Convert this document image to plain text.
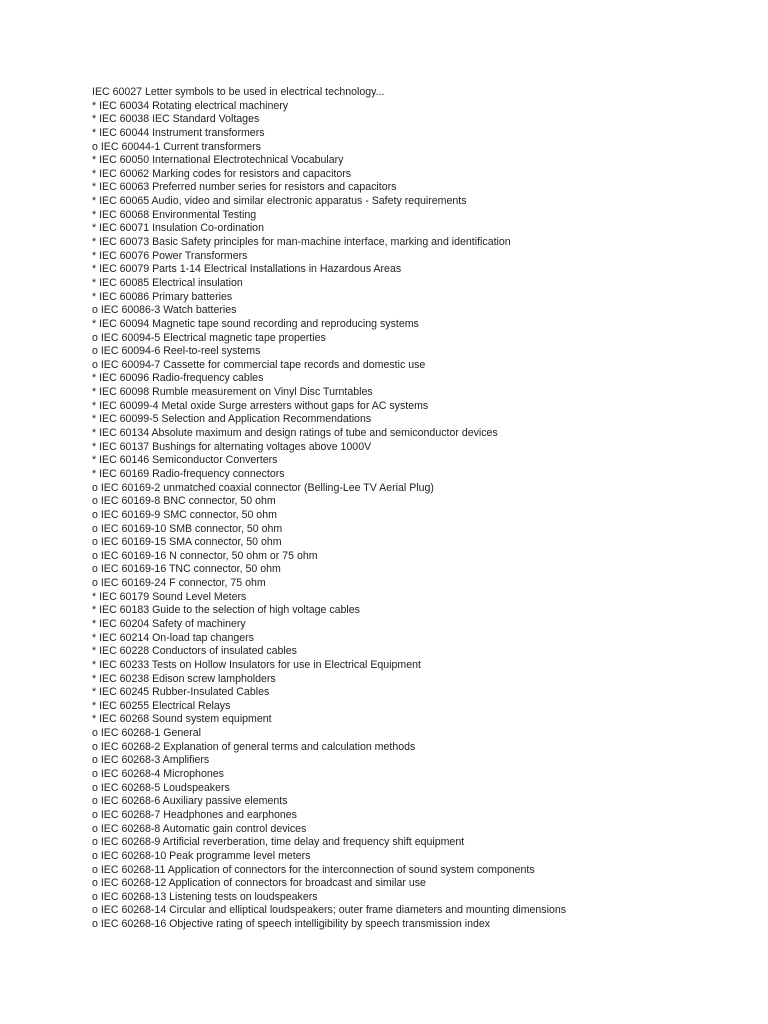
IEC 60027 Letter symbols to be used in electrical technology...
* IEC 60034 Rotating electrical machinery
* IEC 60038 IEC Standard Voltages
* IEC 60044 Instrument transformers
o IEC 60044-1 Current transformers
* IEC 60050 International Electrotechnical Vocabulary
* IEC 60062 Marking codes for resistors and capacitors
* IEC 60063 Preferred number series for resistors and capacitors
* IEC 60065 Audio, video and similar electronic apparatus - Safety requirements
* IEC 60068 Environmental Testing
* IEC 60071 Insulation Co-ordination
* IEC 60073 Basic Safety principles for man-machine interface, marking and identification
* IEC 60076 Power Transformers
* IEC 60079 Parts 1-14 Electrical Installations in Hazardous Areas
* IEC 60085 Electrical insulation
* IEC 60086 Primary batteries
o IEC 60086-3 Watch batteries
* IEC 60094 Magnetic tape sound recording and reproducing systems
o IEC 60094-5 Electrical magnetic tape properties
o IEC 60094-6 Reel-to-reel systems
o IEC 60094-7 Cassette for commercial tape records and domestic use
* IEC 60096 Radio-frequency cables
* IEC 60098 Rumble measurement on Vinyl Disc Turntables
* IEC 60099-4 Metal oxide Surge arresters without gaps for AC systems
* IEC 60099-5 Selection and Application Recommendations
* IEC 60134 Absolute maximum and design ratings of tube and semiconductor devices
* IEC 60137 Bushings for alternating voltages above 1000V
* IEC 60146 Semiconductor Converters
* IEC 60169 Radio-frequency connectors
o IEC 60169-2 unmatched coaxial connector (Belling-Lee TV Aerial Plug)
o IEC 60169-8 BNC connector, 50 ohm
o IEC 60169-9 SMC connector, 50 ohm
o IEC 60169-10 SMB connector, 50 ohm
o IEC 60169-15 SMA connector, 50 ohm
o IEC 60169-16 N connector, 50 ohm or 75 ohm
o IEC 60169-16 TNC connector, 50 ohm
o IEC 60169-24 F connector, 75 ohm
* IEC 60179 Sound Level Meters
* IEC 60183 Guide to the selection of high voltage cables
* IEC 60204 Safety of machinery
* IEC 60214 On-load tap changers
* IEC 60228 Conductors of insulated cables
* IEC 60233 Tests on Hollow Insulators for use in Electrical Equipment
* IEC 60238 Edison screw lampholders
* IEC 60245 Rubber-Insulated Cables
* IEC 60255 Electrical Relays
* IEC 60268 Sound system equipment
o IEC 60268-1 General
o IEC 60268-2 Explanation of general terms and calculation methods
o IEC 60268-3 Amplifiers
o IEC 60268-4 Microphones
o IEC 60268-5 Loudspeakers
o IEC 60268-6 Auxiliary passive elements
o IEC 60268-7 Headphones and earphones
o IEC 60268-8 Automatic gain control devices
o IEC 60268-9 Artificial reverberation, time delay and frequency shift equipment
o IEC 60268-10 Peak programme level meters
o IEC 60268-11 Application of connectors for the interconnection of sound system components
o IEC 60268-12 Application of connectors for broadcast and similar use
o IEC 60268-13 Listening tests on loudspeakers
o IEC 60268-14 Circular and elliptical loudspeakers; outer frame diameters and mounting dimensions
o IEC 60268-16 Objective rating of speech intelligibility by speech transmission index
